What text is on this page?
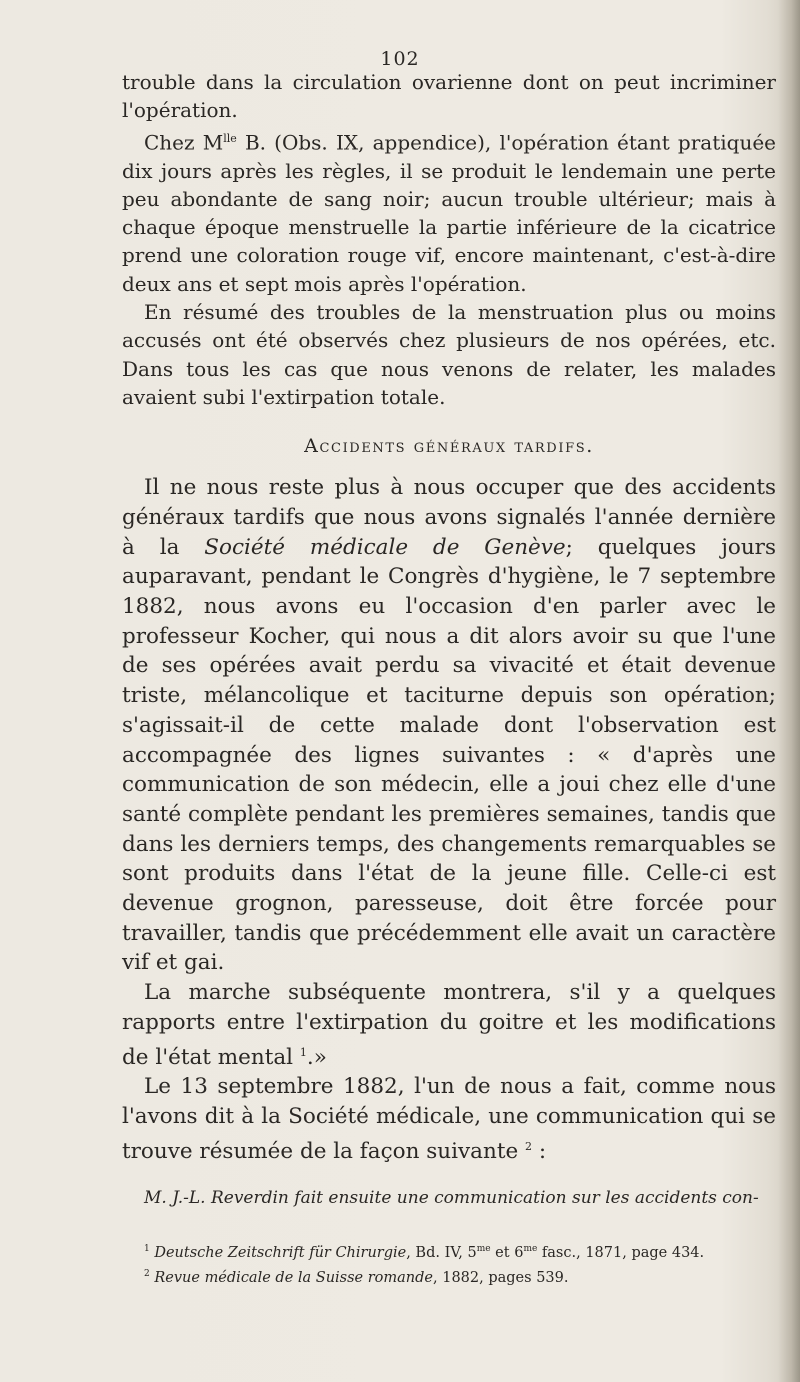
102

trouble dans la circulation ovarienne dont on peut incriminer l'opération.

Chez $M^{lle}$ B. (Obs. IX, appendice), l'opération étant pratiquée dix jours après les règles, il se produit le lendemain une perte peu abondante de sang noir; aucun trouble ultérieur; mais à chaque époque menstruelle la partie inférieure de la cicatrice prend une coloration rouge vif, encore maintenant, c'est-à-dire deux ans et sept mois après l'opération.

En résumé des troubles de la menstruation plus ou moins accusés ont été observés chez plusieurs de nos opérées, etc. Dans tous les cas que nous venons de relater, les malades avaient subi l'extirpation totale.

Accidents généraux tardifs.

Il ne nous reste plus à nous occuper que des accidents généraux tardifs que nous avons signalés l'année dernière à la Société médicale de Genève; quelques jours auparavant, pendant le Congrès d'hygiène, le 7 septembre 1882, nous avons eu l'occasion d'en parler avec le professeur Kocher, qui nous a dit alors avoir su que l'une de ses opérées avait perdu sa vivacité et était devenue triste, mélancolique et taciturne depuis son opération; s'agissait-il de cette malade dont l'observation est accompagnée des lignes suivantes : « d'après une communication de son médecin, elle a joui chez elle d'une santé complète pendant les premières semaines, tandis que dans les derniers temps, des changements remarquables se sont produits dans l'état de la jeune fille. Celle-ci est devenue grognon, paresseuse, doit être forcée pour travailler, tandis que précédemment elle avait un caractère vif et gai.

La marche subséquente montrera, s'il y a quelques rapports entre l'extirpation du goitre et les modifications de l'état mental $^1$.»

Le 13 septembre 1882, l'un de nous a fait, comme nous l'avons dit à la Société médicale, une communication qui se trouve résumée de la façon suivante $^2$ :

M. J.-L. Reverdin fait ensuite une communication sur les accidents con-

$^1$ Deutsche Zeitschrift für Chirurgie, Bd. IV, $5^{me}$ et $6^{me}$ fasc., 1871, page 434.

$^2$ Revue médicale de la Suisse romande, 1882, pages 539.
